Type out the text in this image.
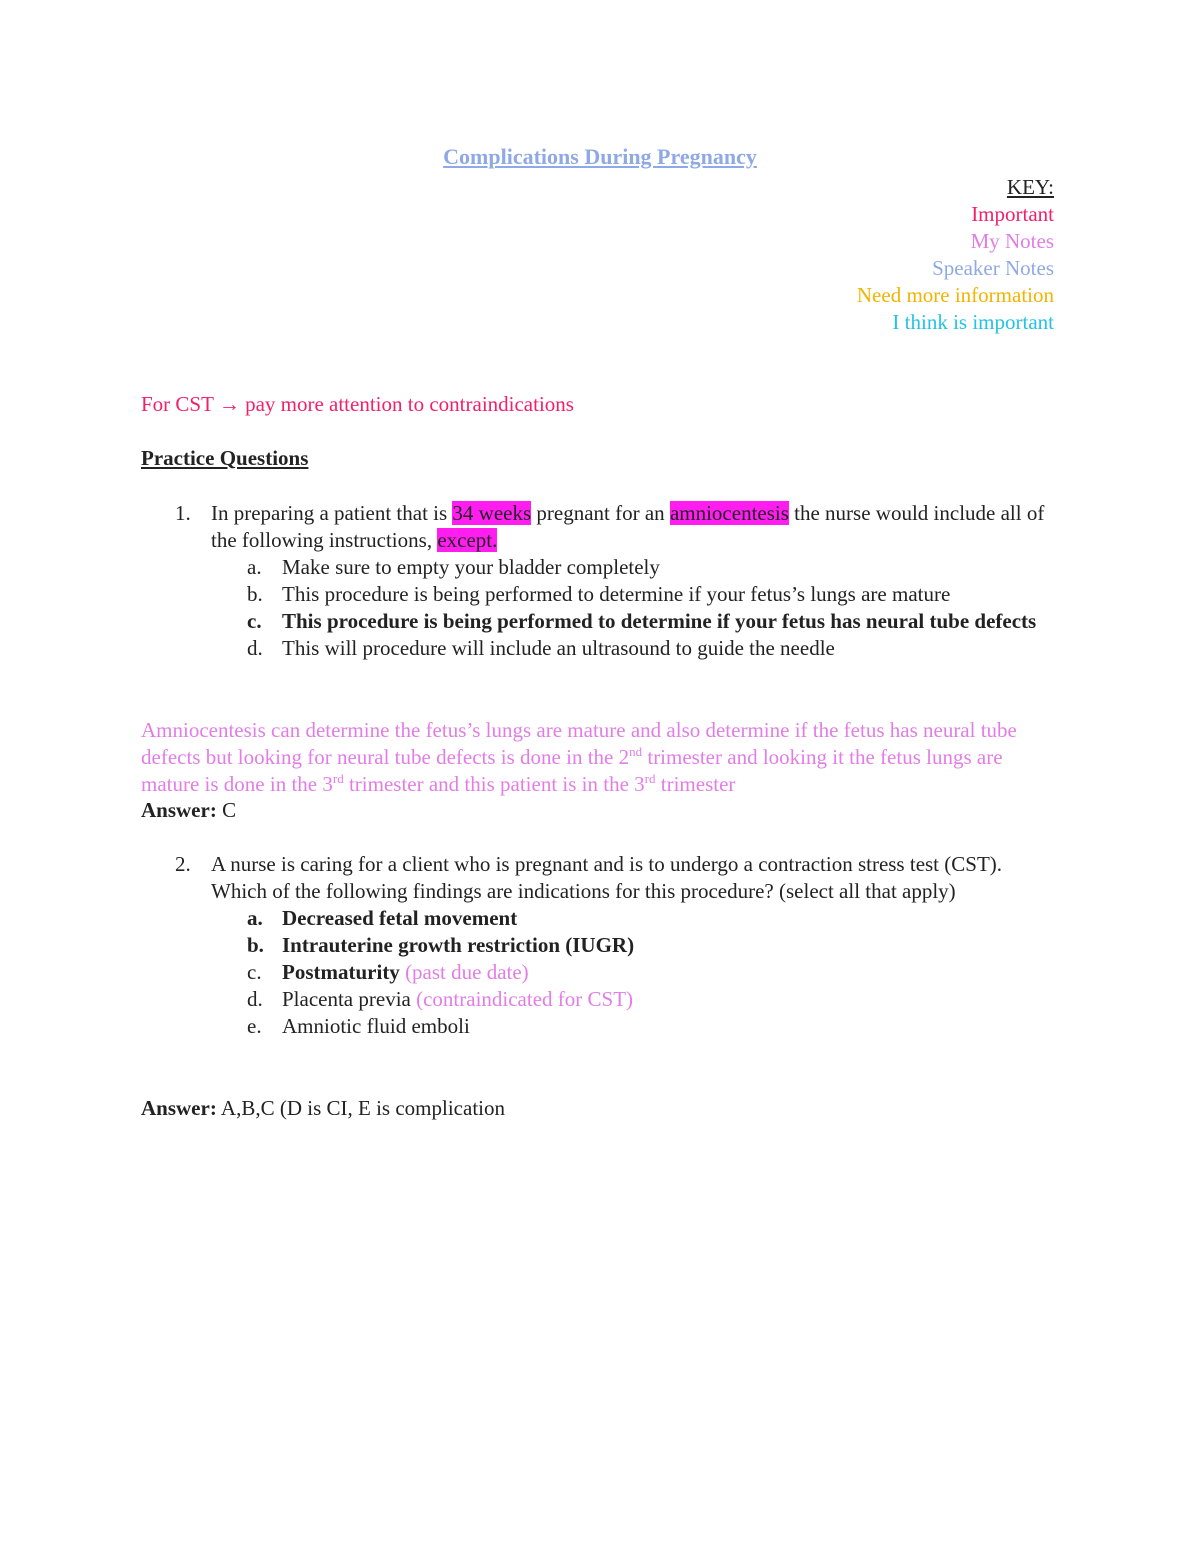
Complications During Pregnancy
KEY:
Important
My Notes
Speaker Notes
Need more information
I think is important
For CST → pay more attention to contraindications
Practice Questions
1. In preparing a patient that is 34 weeks pregnant for an amniocentesis the nurse would include all of the following instructions, except.
a. Make sure to empty your bladder completely
b. This procedure is being performed to determine if your fetus’s lungs are mature
c. This procedure is being performed to determine if your fetus has neural tube defects
d. This will procedure will include an ultrasound to guide the needle
Amniocentesis can determine the fetus’s lungs are mature and also determine if the fetus has neural tube defects but looking for neural tube defects is done in the 2nd trimester and looking it the fetus lungs are mature is done in the 3rd trimester and this patient is in the 3rd trimester
Answer: C
2. A nurse is caring for a client who is pregnant and is to undergo a contraction stress test (CST). Which of the following findings are indications for this procedure? (select all that apply)
a. Decreased fetal movement
b. Intrauterine growth restriction (IUGR)
c. Postmaturity (past due date)
d. Placenta previa (contraindicated for CST)
e. Amniotic fluid emboli
Answer: A,B,C (D is CI, E is complication
